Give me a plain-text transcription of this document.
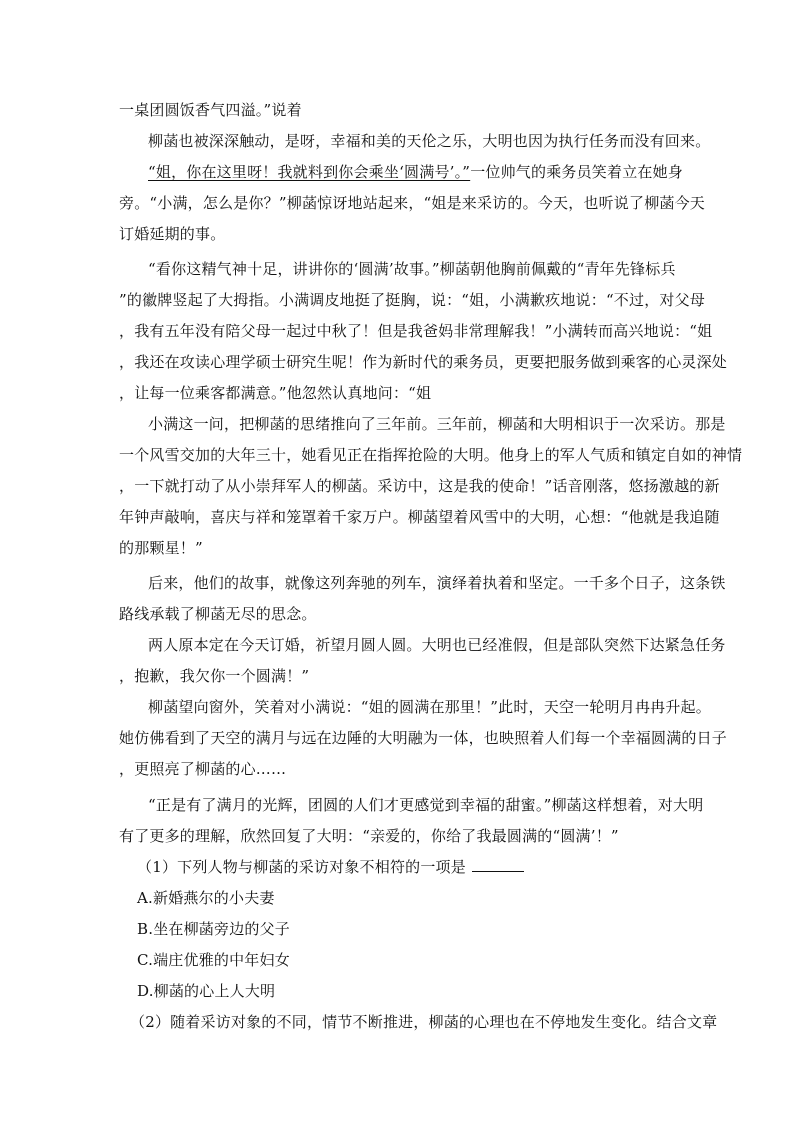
一桌团圆饭香气四溢。”说着
柳菡也被深深触动，是呀，幸福和美的天伦之乐，大明也因为执行任务而没有回来。
“姐，你在这里呀！我就料到你会乘坐‘圆满号’。”一位帅气的乘务员笑着立在她身
旁。“小满，怎么是你？”柳菡惊讶地站起来，“姐是来采访的。今天，也听说了柳菡今天
订婚延期的事。
“看你这精气神十足，讲讲你的‘圆满’故事。”柳菡朝他胸前佩戴的“青年先锋标兵
”的徽牌竖起了大拇指。小满调皮地挺了挺胸，说：“姐，小满歉疚地说：“不过，对父母
，我有五年没有陪父母一起过中秋了！但是我爸妈非常理解我！”小满转而高兴地说：“姐
，我还在攻读心理学硕士研究生呢！作为新时代的乘务员，更要把服务做到乘客的心灵深处
，让每一位乘客都满意。”他忽然认真地问：“姐
小满这一问，把柳菡的思绪推向了三年前。三年前，柳菡和大明相识于一次采访。那是
一个风雪交加的大年三十，她看见正在指挥抢险的大明。他身上的军人气质和镇定自如的神情
，一下就打动了从小崇拜军人的柳菡。采访中，这是我的使命！”话音刚落，悠扬激越的新
年钟声敲响，喜庆与祥和笼罩着千家万户。柳菡望着风雪中的大明，心想：“他就是我追随
的那颗星！”
后来，他们的故事，就像这列奔驰的列车，演绎着执着和坚定。一千多个日子，这条铁
路线承载了柳菡无尽的思念。
两人原本定在今天订婚，祈望月圆人圆。大明也已经准假，但是部队突然下达紧急任务
，抱歉，我欠你一个圆满！”
柳菡望向窗外，笑着对小满说：“姐的圆满在那里！”此时，天空一轮明月冉冉升起。
她仿佛看到了天空的满月与远在边陲的大明融为一体，也映照着人们每一个幸福圆满的日子
，更照亮了柳菡的心……
“正是有了满月的光辉，团圆的人们才更感觉到幸福的甜蜜。”柳菡这样想着，对大明
有了更多的理解，欣然回复了大明：“亲爱的，你给了我最圆满的“圆满’！”
（1）下列人物与柳菡的采访对象不相符的一项是
A.新婚燕尔的小夫妻
B.坐在柳菡旁边的父子
C.端庄优雅的中年妇女
D.柳菡的心上人大明
（2）随着采访对象的不同，情节不断推进，柳菡的心理也在不停地发生变化。结合文章
